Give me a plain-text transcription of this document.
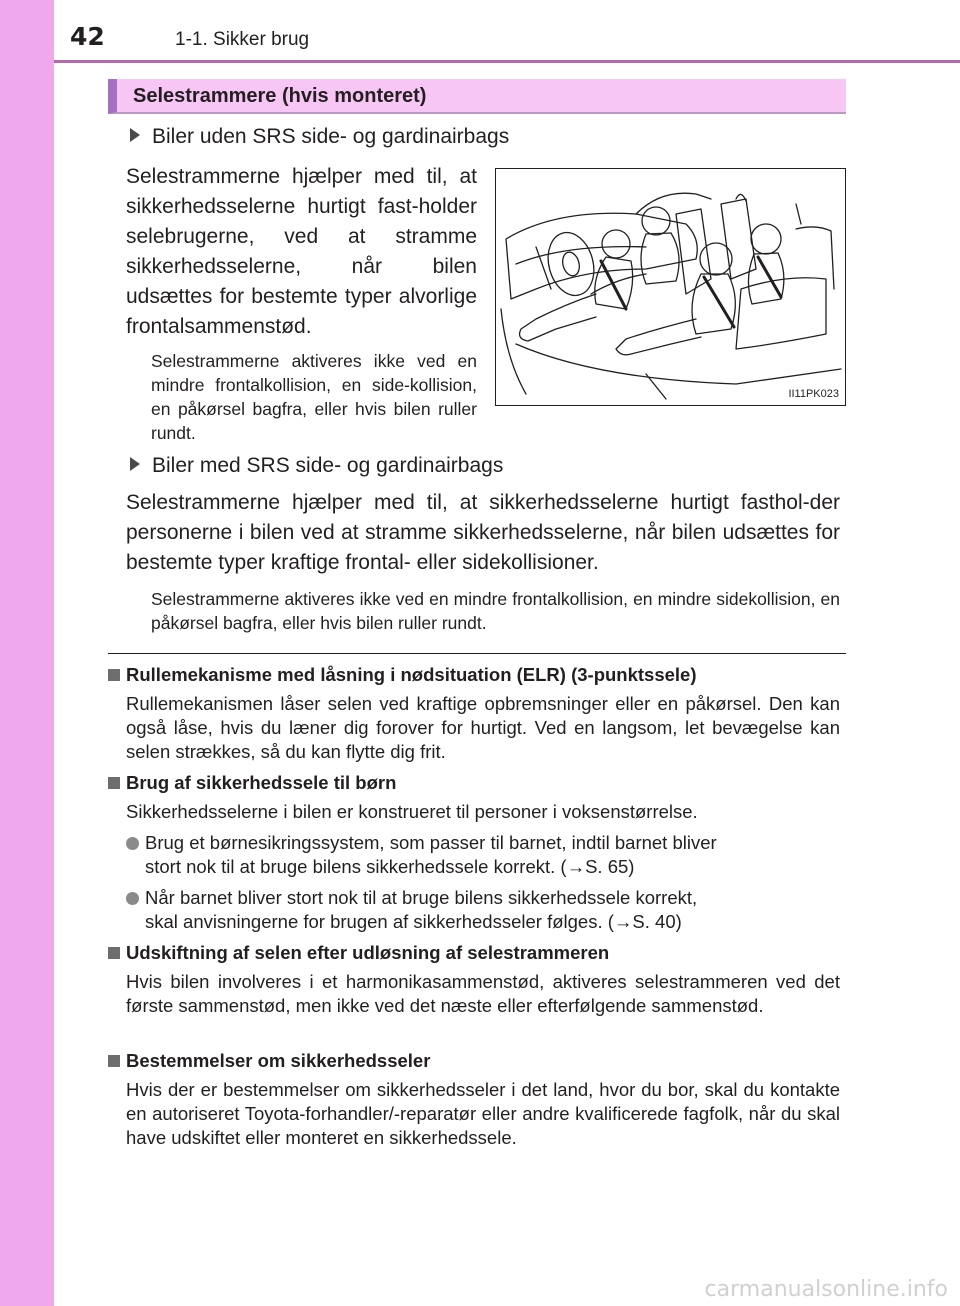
42	1-1. Sikker brug
Selestrammere (hvis monteret)
Biler uden SRS side- og gardinairbags
Selestrammerne hjælper med til, at sikkerhedsselerne hurtigt fast-holder selebrugerne, ved at stramme sikkerhedsselerne, når bilen udsættes for bestemte typer alvorlige frontalsammenstød.
Selestrammerne aktiveres ikke ved en mindre frontalkollision, en side-kollision, en påkørsel bagfra, eller hvis bilen ruller rundt.
II11PK023
Biler med SRS side- og gardinairbags
Selestrammerne hjælper med til, at sikkerhedsselerne hurtigt fasthol-der personerne i bilen ved at stramme sikkerhedsselerne, når bilen udsættes for bestemte typer kraftige frontal- eller sidekollisioner.
Selestrammerne aktiveres ikke ved en mindre frontalkollision, en mindre sidekollision, en påkørsel bagfra, eller hvis bilen ruller rundt.
Rullemekanisme med låsning i nødsituation (ELR) (3-punktssele)
Rullemekanismen låser selen ved kraftige opbremsninger eller en påkørsel. Den kan også låse, hvis du læner dig forover for hurtigt. Ved en langsom, let bevægelse kan selen strækkes, så du kan flytte dig frit.
Brug af sikkerhedssele til børn
Sikkerhedsselerne i bilen er konstrueret til personer i voksenstørrelse.
Brug et børnesikringssystem, som passer til barnet, indtil barnet bliver
stort nok til at bruge bilens sikkerhedssele korrekt. (→S. 65)
Når barnet bliver stort nok til at bruge bilens sikkerhedssele korrekt,
skal anvisningerne for brugen af sikkerhedsseler følges. (→S. 40)
Udskiftning af selen efter udløsning af selestrammeren
Hvis bilen involveres i et harmonikasammenstød, aktiveres selestrammeren ved det første sammenstød, men ikke ved det næste eller efterfølgende sammenstød.
Bestemmelser om sikkerhedsseler
Hvis der er bestemmelser om sikkerhedsseler i det land, hvor du bor, skal du kontakte en autoriseret Toyota-forhandler/-reparatør eller andre kvalificerede fagfolk, når du skal have udskiftet eller monteret en sikkerhedssele.
carmanualsonline.info
